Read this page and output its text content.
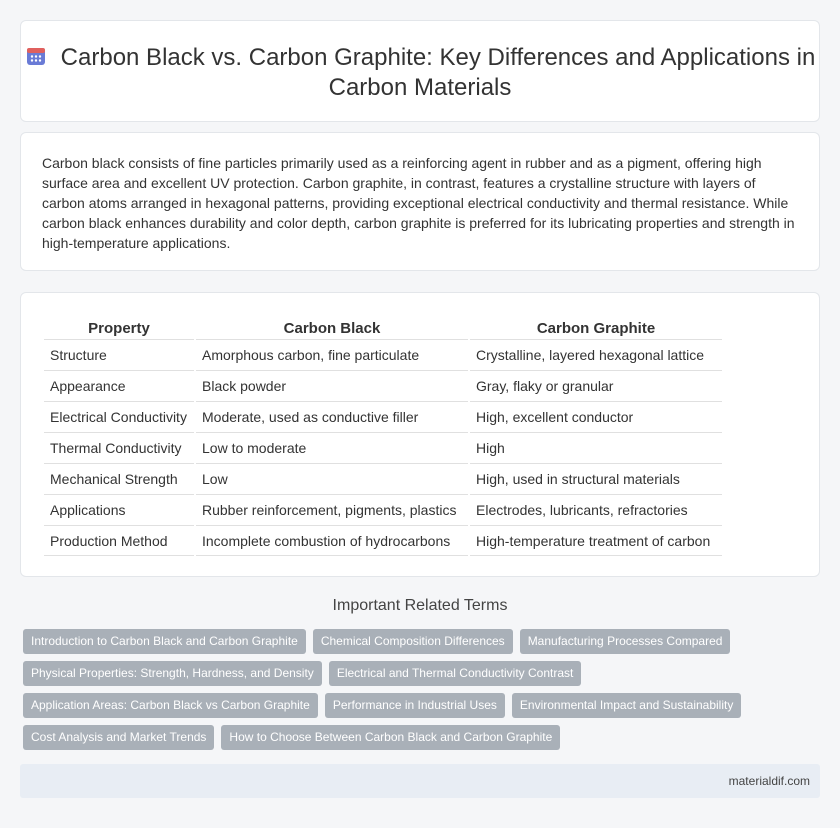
Carbon Black vs. Carbon Graphite: Key Differences and Applications in Carbon Materials

Carbon black consists of fine particles primarily used as a reinforcing agent in rubber and as a pigment, offering high surface area and excellent UV protection. Carbon graphite, in contrast, features a crystalline structure with layers of carbon atoms arranged in hexagonal patterns, providing exceptional electrical conductivity and thermal resistance. While carbon black enhances durability and color depth, carbon graphite is preferred for its lubricating properties and strength in high-temperature applications.

Property	Carbon Black	Carbon Graphite
Structure	Amorphous carbon, fine particulate	Crystalline, layered hexagonal lattice
Appearance	Black powder	Gray, flaky or granular
Electrical Conductivity	Moderate, used as conductive filler	High, excellent conductor
Thermal Conductivity	Low to moderate	High
Mechanical Strength	Low	High, used in structural materials
Applications	Rubber reinforcement, pigments, plastics	Electrodes, lubricants, refractories
Production Method	Incomplete combustion of hydrocarbons	High-temperature treatment of carbon
Important Related Terms
Introduction to Carbon Black and Carbon Graphite	Chemical Composition Differences	Manufacturing Processes Compared
Physical Properties: Strength, Hardness, and Density	Electrical and Thermal Conductivity Contrast
Application Areas: Carbon Black vs Carbon Graphite	Performance in Industrial Uses	Environmental Impact and Sustainability
Cost Analysis and Market Trends	How to Choose Between Carbon Black and Carbon Graphite
materialdif.com
